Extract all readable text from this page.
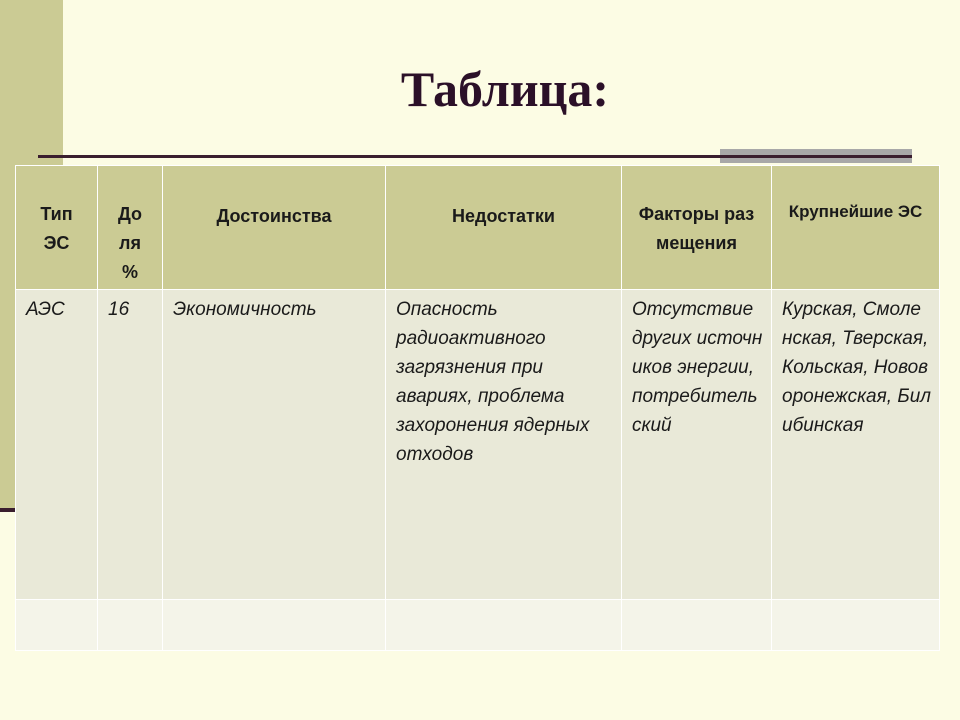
Таблица:
Тип ЭС	До ля %	Достоинства	Недостатки	Факторы размещения	Крупнейшие ЭС
АЭС	16	Экономичность	Опасность радиоактивного загрязнения при авариях, проблема захоронения ядерных отходов	Отсутствие других источников энергии, потребительский	Курская, Смоленская, Тверская, Кольская, Нововоронежская, Билибинская
